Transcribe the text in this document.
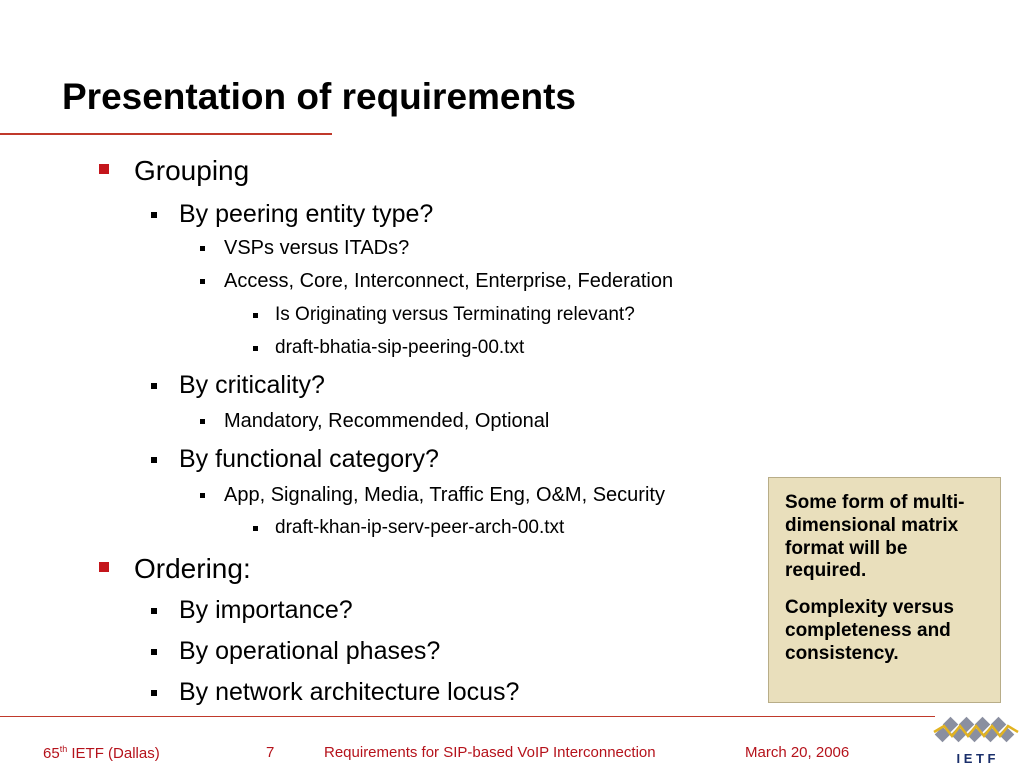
Presentation of requirements
Grouping
By peering entity type?
VSPs versus ITADs?
Access, Core, Interconnect, Enterprise, Federation
Is Originating versus Terminating relevant?
draft-bhatia-sip-peering-00.txt
By criticality?
Mandatory, Recommended, Optional
By functional category?
App, Signaling, Media, Traffic Eng, O&M, Security
draft-khan-ip-serv-peer-arch-00.txt
Ordering:
By importance?
By operational phases?
By network architecture locus?

Some form of multi-dimensional matrix format will be required.

Complexity versus completeness and consistency.

65th IETF (Dallas)	7	Requirements for SIP-based VoIP Interconnection	March 20, 2006	I E T F
